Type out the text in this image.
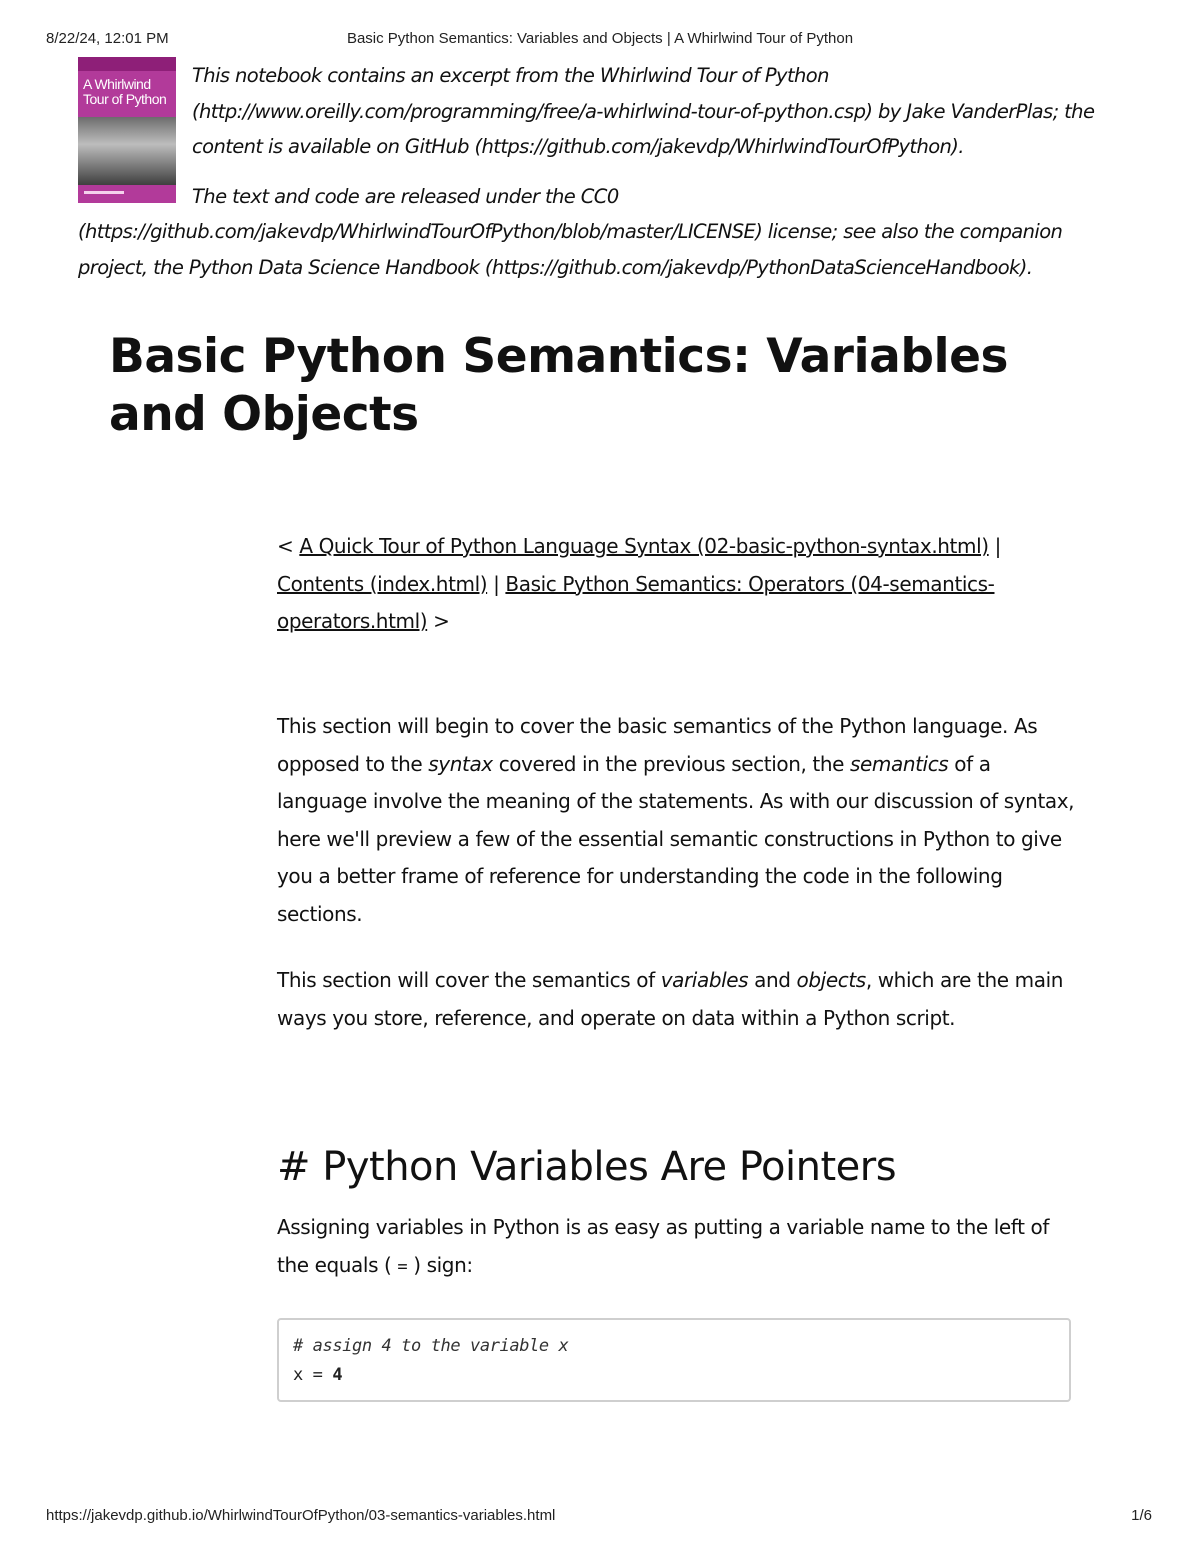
8/22/24, 12:01 PM	Basic Python Semantics: Variables and Objects | A Whirlwind Tour of Python
A Whirlwind Tour of Python

This notebook contains an excerpt from the Whirlwind Tour of Python (http://www.oreilly.com/programming/free/a-whirlwind-tour-of-python.csp) by Jake VanderPlas; the content is available on GitHub (https://github.com/jakevdp/WhirlwindTourOfPython).

The text and code are released under the CC0 (https://github.com/jakevdp/WhirlwindTourOfPython/blob/master/LICENSE) license; see also the companion project, the Python Data Science Handbook (https://github.com/jakevdp/PythonDataScienceHandbook).

Basic Python Semantics: Variables and Objects

< A Quick Tour of Python Language Syntax (02-basic-python-syntax.html) | Contents (index.html) | Basic Python Semantics: Operators (04-semantics-operators.html) >

This section will begin to cover the basic semantics of the Python language. As opposed to the syntax covered in the previous section, the semantics of a language involve the meaning of the statements. As with our discussion of syntax, here we'll preview a few of the essential semantic constructions in Python to give you a better frame of reference for understanding the code in the following sections.

This section will cover the semantics of variables and objects, which are the main ways you store, reference, and operate on data within a Python script.

# Python Variables Are Pointers

Assigning variables in Python is as easy as putting a variable name to the left of the equals ( = ) sign:

# assign 4 to the variable x
x = 4
https://jakevdp.github.io/WhirlwindTourOfPython/03-semantics-variables.html	1/6
